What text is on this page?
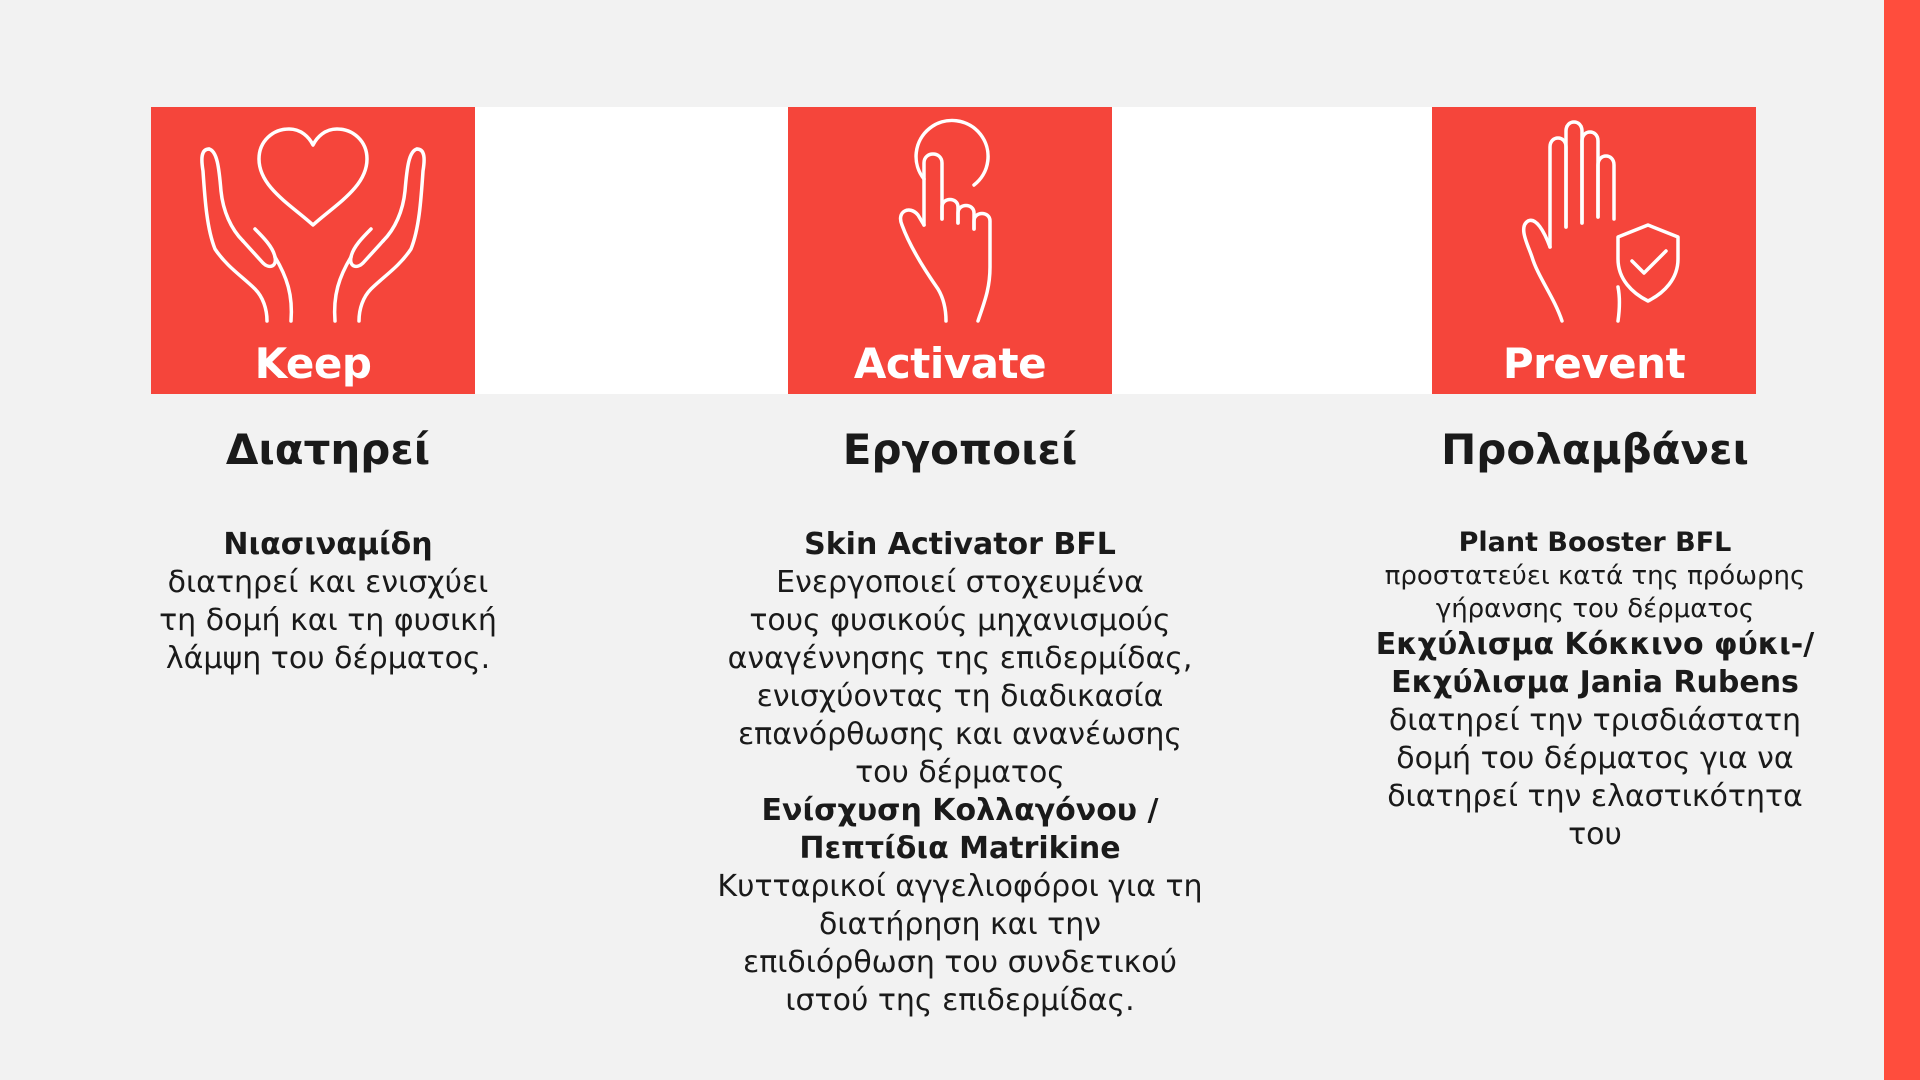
Keep	Activate	Prevent
Διατηρεί
Νιασιναμίδη
διατηρεί και ενισχύει
τη δομή και τη φυσική
λάμψη του δέρματος.
Εργοποιεί
Skin Activator BFL
Ενεργοποιεί στοχευμένα
τους φυσικούς μηχανισμούς
αναγέννησης της επιδερμίδας,
ενισχύοντας τη διαδικασία
επανόρθωσης και ανανέωσης
του δέρματος
Ενίσχυση Κολλαγόνου /
Πεπτίδια Matrikine
Κυτταρικοί αγγελιοφόροι για τη
διατήρηση και την
επιδιόρθωση του συνδετικού
ιστού της επιδερμίδας.
Προλαμβάνει
Plant Booster BFL
προστατεύει κατά της πρόωρης
γήρανσης του δέρματος
Εκχύλισμα Κόκκινο φύκι-/
Εκχύλισμα Jania Rubens
διατηρεί την τρισδιάστατη
δομή του δέρματος για να
διατηρεί την ελαστικότητα
του
